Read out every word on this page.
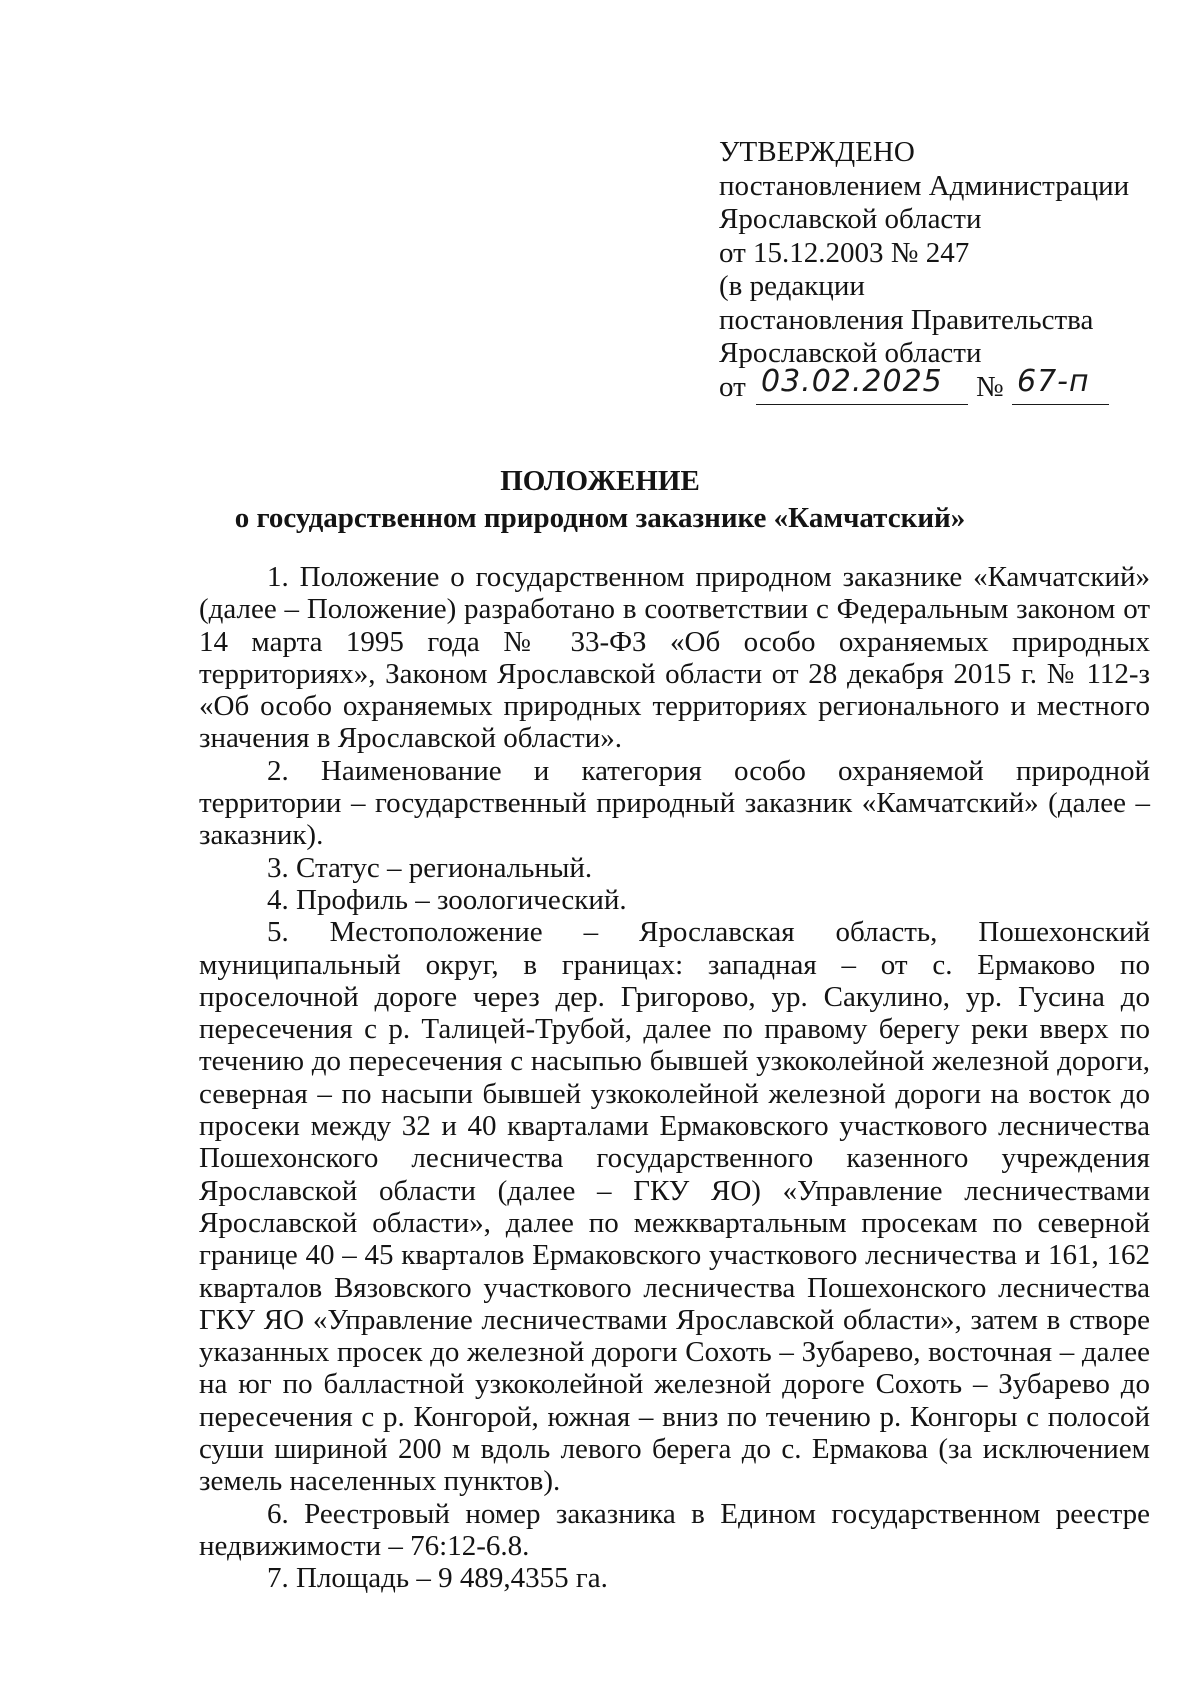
УТВЕРЖДЕНО
постановлением Администрации
Ярославской области
от 15.12.2003 № 247
(в редакции
постановления Правительства
Ярославской области
от 03.02.2025 № 67-п
ПОЛОЖЕНИЕ
о государственном природном заказнике «Камчатский»

1. Положение о государственном природном заказнике «Камчатский» (далее – Положение) разработано в соответствии с Федеральным законом от 14 марта 1995 года № 33-ФЗ «Об особо охраняемых природных территориях», Законом Ярославской области от 28 декабря 2015 г. № 112-з «Об особо охраняемых природных территориях регионального и местного значения в Ярославской области».

2. Наименование и категория особо охраняемой природной территории – государственный природный заказник «Камчатский» (далее – заказник).

3. Статус – региональный.

4. Профиль – зоологический.

5. Местоположение – Ярославская область, Пошехонский муниципальный округ, в границах: западная – от с. Ермаково по проселочной дороге через дер. Григорово, ур. Сакулино, ур. Гусина до пересечения с р. Талицей-Трубой, далее по правому берегу реки вверх по течению до пересечения с насыпью бывшей узкоколейной железной дороги, северная – по насыпи бывшей узкоколейной железной дороги на восток до просеки между 32 и 40 кварталами Ермаковского участкового лесничества Пошехонского лесничества государственного казенного учреждения Ярославской области (далее – ГКУ ЯО) «Управление лесничествами Ярославской области», далее по межквартальным просекам по северной границе 40 – 45 кварталов Ермаковского участкового лесничества и 161, 162 кварталов Вязовского участкового лесничества Пошехонского лесничества ГКУ ЯО «Управление лесничествами Ярославской области», затем в створе указанных просек до железной дороги Сохоть – Зубарево, восточная – далее на юг по балластной узкоколейной железной дороге Сохоть – Зубарево до пересечения с р. Конгорой, южная – вниз по течению р. Конгоры с полосой суши шириной 200 м вдоль левого берега до с. Ермакова (за исключением земель населенных пунктов).

6. Реестровый номер заказника в Едином государственном реестре недвижимости – 76:12-6.8.

7. Площадь – 9 489,4355 га.
